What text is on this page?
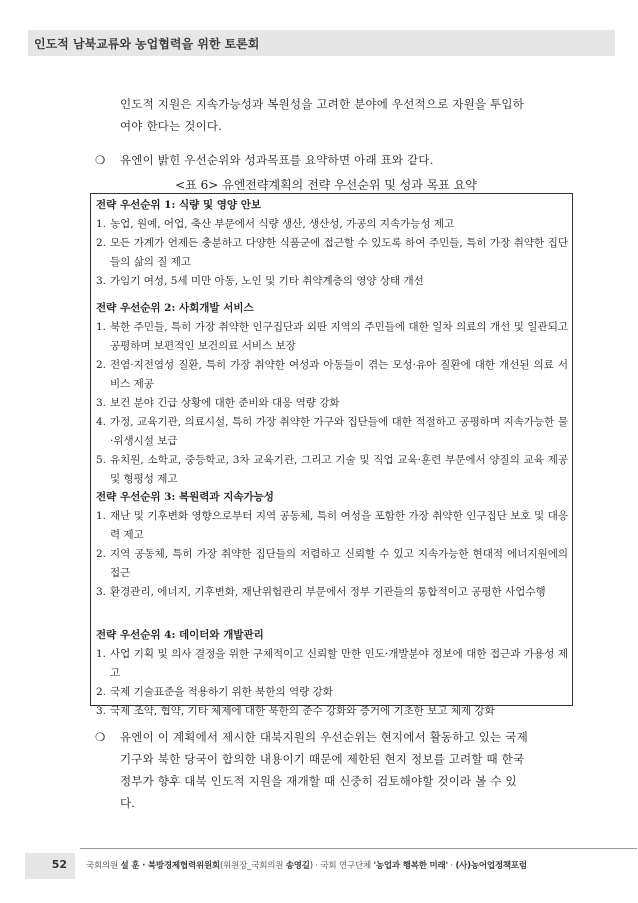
인도적 남북교류와 농업협력을 위한 토론회
인도적 지원은 지속가능성과 복원성을 고려한 분야에 우선적으로 자원을 투입하
여야 한다는 것이다.
❍ 유엔이 밝힌 우선순위와 성과목표를 요약하면 아래 표와 같다.
<표 6> 유엔전략계획의 전략 우선순위 및 성과 목표 요약
전략 우선순위 1: 식량 및 영양 안보
1. 농업, 원예, 어업, 축산 부문에서 식량 생산, 생산성, 가공의 지속가능성 제고
2. 모든 가계가 언제든 충분하고 다양한 식품군에 접근할 수 있도록 하여 주민들, 특히 가장 취약한 집단들의 삶의 질 제고
3. 가임기 여성, 5세 미만 아동, 노인 및 기타 취약계층의 영양 상태 개선
전략 우선순위 2: 사회개발 서비스
1. 북한 주민들, 특히 가장 취약한 인구집단과 외딴 지역의 주민들에 대한 일차 의료의 개선 및 일관되고 공평하며 보편적인 보건의료 서비스 보장
2. 전염·지전염성 질환, 특히 가장 취약한 여성과 아동들이 겪는 모성·유아 질환에 대한 개선된 의료 서비스 제공
3. 보건 분야 긴급 상황에 대한 준비와 대응 역량 강화
4. 가정, 교육기관, 의료시설, 특히 가장 취약한 가구와 집단들에 대한 적절하고 공평하며 지속가능한 물·위생시설 보급
5. 유치원, 소학교, 중등학교, 3차 교육기관, 그리고 기술 및 직업 교육·훈련 부문에서 양질의 교육 제공 및 형평성 제고
전략 우선순위 3: 복원력과 지속가능성
1. 재난 및 기후변화 영향으로부터 지역 공동체, 특히 여성을 포함한 가장 취약한 인구집단 보호 및 대응력 제고
2. 지역 공동체, 특히 가장 취약한 집단들의 저렴하고 신뢰할 수 있고 지속가능한 현대적 에너지원에의 접근
3. 환경관리, 에너지, 기후변화, 재난위험관리 부문에서 정부 기관들의 통합적이고 공평한 사업수행
전략 우선순위 4: 데이터와 개발관리
1. 사업 기획 및 의사 결정을 위한 구체적이고 신뢰할 만한 인도·개발분야 정보에 대한 접근과 가용성 제고
2. 국제 기술표준을 적용하기 위한 북한의 역량 강화
3. 국제 조약, 협약, 기타 체제에 대한 북한의 준수 강화와 증거에 기초한 보고 체제 강화
❍ 유엔이 이 계획에서 제시한 대북지원의 우선순위는 현지에서 활동하고 있는 국제
기구와 북한 당국이 합의한 내용이기 때문에 제한된 현지 정보를 고려할 때 한국
정부가 향후 대북 인도적 지원을 재개할 때 신중히 검토해야할 것이라 볼 수 있
다.
52 국회의원 설 훈 · 북방경제협력위원회(위원장_국회의원 송영길) · 국회 연구단체 '농업과 행복한 미래' · (사)농어업정책포럼
